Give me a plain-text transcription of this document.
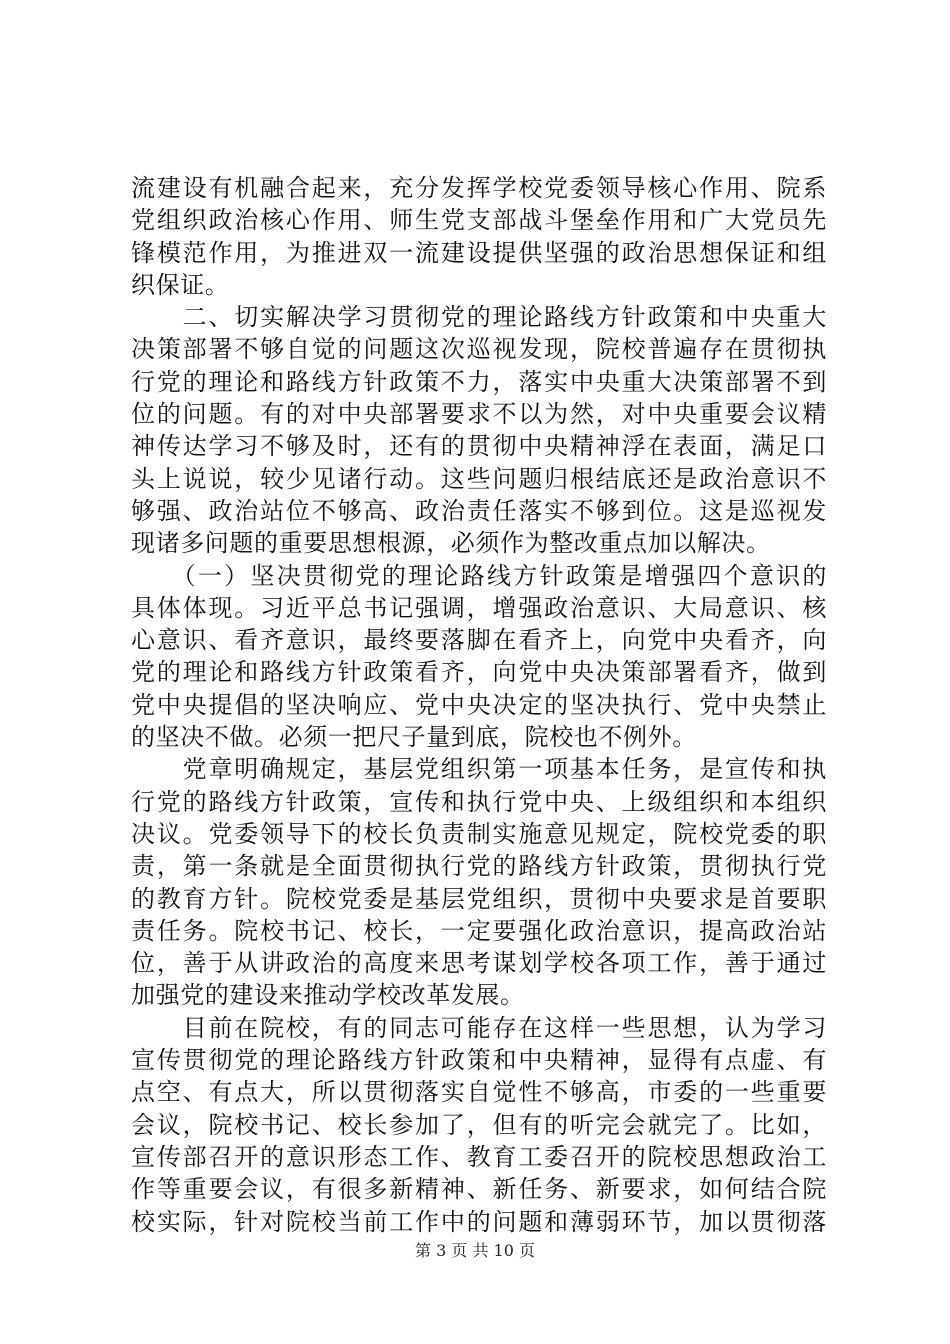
流建设有机融合起来，充分发挥学校党委领导核心作用、院系
党组织政治核心作用、师生党支部战斗堡垒作用和广大党员先
锋模范作用，为推进双一流建设提供坚强的政治思想保证和组
织保证。
　　二、切实解决学习贯彻党的理论路线方针政策和中央重大
决策部署不够自觉的问题这次巡视发现，院校普遍存在贯彻执
行党的理论和路线方针政策不力，落实中央重大决策部署不到
位的问题。有的对中央部署要求不以为然，对中央重要会议精
神传达学习不够及时，还有的贯彻中央精神浮在表面，满足口
头上说说，较少见诸行动。这些问题归根结底还是政治意识不
够强、政治站位不够高、政治责任落实不够到位。这是巡视发
现诸多问题的重要思想根源，必须作为整改重点加以解决。
　　（一）坚决贯彻党的理论路线方针政策是增强四个意识的
具体体现。习近平总书记强调，增强政治意识、大局意识、核
心意识、看齐意识，最终要落脚在看齐上，向党中央看齐，向
党的理论和路线方针政策看齐，向党中央决策部署看齐，做到
党中央提倡的坚决响应、党中央决定的坚决执行、党中央禁止
的坚决不做。必须一把尺子量到底，院校也不例外。
　　党章明确规定，基层党组织第一项基本任务，是宣传和执
行党的路线方针政策，宣传和执行党中央、上级组织和本组织
决议。党委领导下的校长负责制实施意见规定，院校党委的职
责，第一条就是全面贯彻执行党的路线方针政策，贯彻执行党
的教育方针。院校党委是基层党组织，贯彻中央要求是首要职
责任务。院校书记、校长，一定要强化政治意识，提高政治站
位，善于从讲政治的高度来思考谋划学校各项工作，善于通过
加强党的建设来推动学校改革发展。
　　目前在院校，有的同志可能存在这样一些思想，认为学习
宣传贯彻党的理论路线方针政策和中央精神，显得有点虚、有
点空、有点大，所以贯彻落实自觉性不够高，市委的一些重要
会议，院校书记、校长参加了，但有的听完会就完了。比如，
宣传部召开的意识形态工作、教育工委召开的院校思想政治工
作等重要会议，有很多新精神、新任务、新要求，如何结合院
校实际，针对院校当前工作中的问题和薄弱环节，加以贯彻落
第 3 页 共 10 页
